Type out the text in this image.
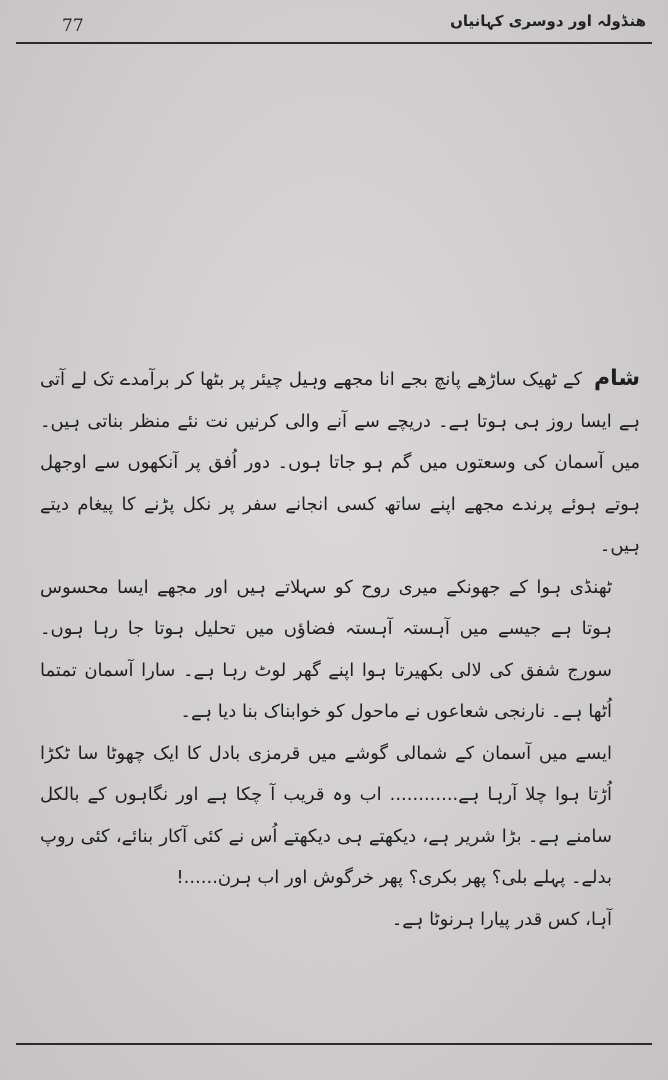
77	ھنڈولہ اور دوسری کہانیاں

شام  کے ٹھیک ساڑھے پانچ بجے انا مجھے وہیل چیئر پر بٹھا کر برآمدے تک لے آتی ہے ایسا روز ہی ہوتا ہے۔ دریچے سے آنے والی کرنیں نت نئے منظر بناتی ہیں۔ میں آسمان کی وسعتوں میں گم ہو جاتا ہوں۔ دور اُفق پر آنکھوں سے اوجھل ہوتے ہوئے پرندے مجھے اپنے ساتھ کسی انجانے سفر پر نکل پڑنے کا پیغام دیتے ہیں۔

ٹھنڈی ہوا کے جھونکے میری روح کو سہلاتے ہیں اور مجھے ایسا محسوس ہوتا ہے جیسے میں آہستہ آہستہ فضاؤں میں تحلیل ہوتا جا رہا ہوں۔ سورج شفق کی لالی بکھیرتا ہوا اپنے گھر لوٹ رہا ہے۔ سارا آسمان تمتما اُٹھا ہے۔ نارنجی شعاعوں نے ماحول کو خوابناک بنا دیا ہے۔

ایسے میں آسمان کے شمالی گوشے میں قرمزی بادل کا ایک چھوٹا سا ٹکڑا اُڑتا ہوا چلا آرہا ہے............ اب وہ قریب آ چکا ہے اور نگاہوں کے بالکل سامنے ہے۔ بڑا شریر ہے، دیکھتے ہی دیکھتے اُس نے کئی آکار بنائے، کئی روپ بدلے۔ پہلے بلی؟ پھر بکری؟ پھر خرگوش اور اب ہرن......!

آہا، کس قدر پیارا ہرنوٹا ہے۔
